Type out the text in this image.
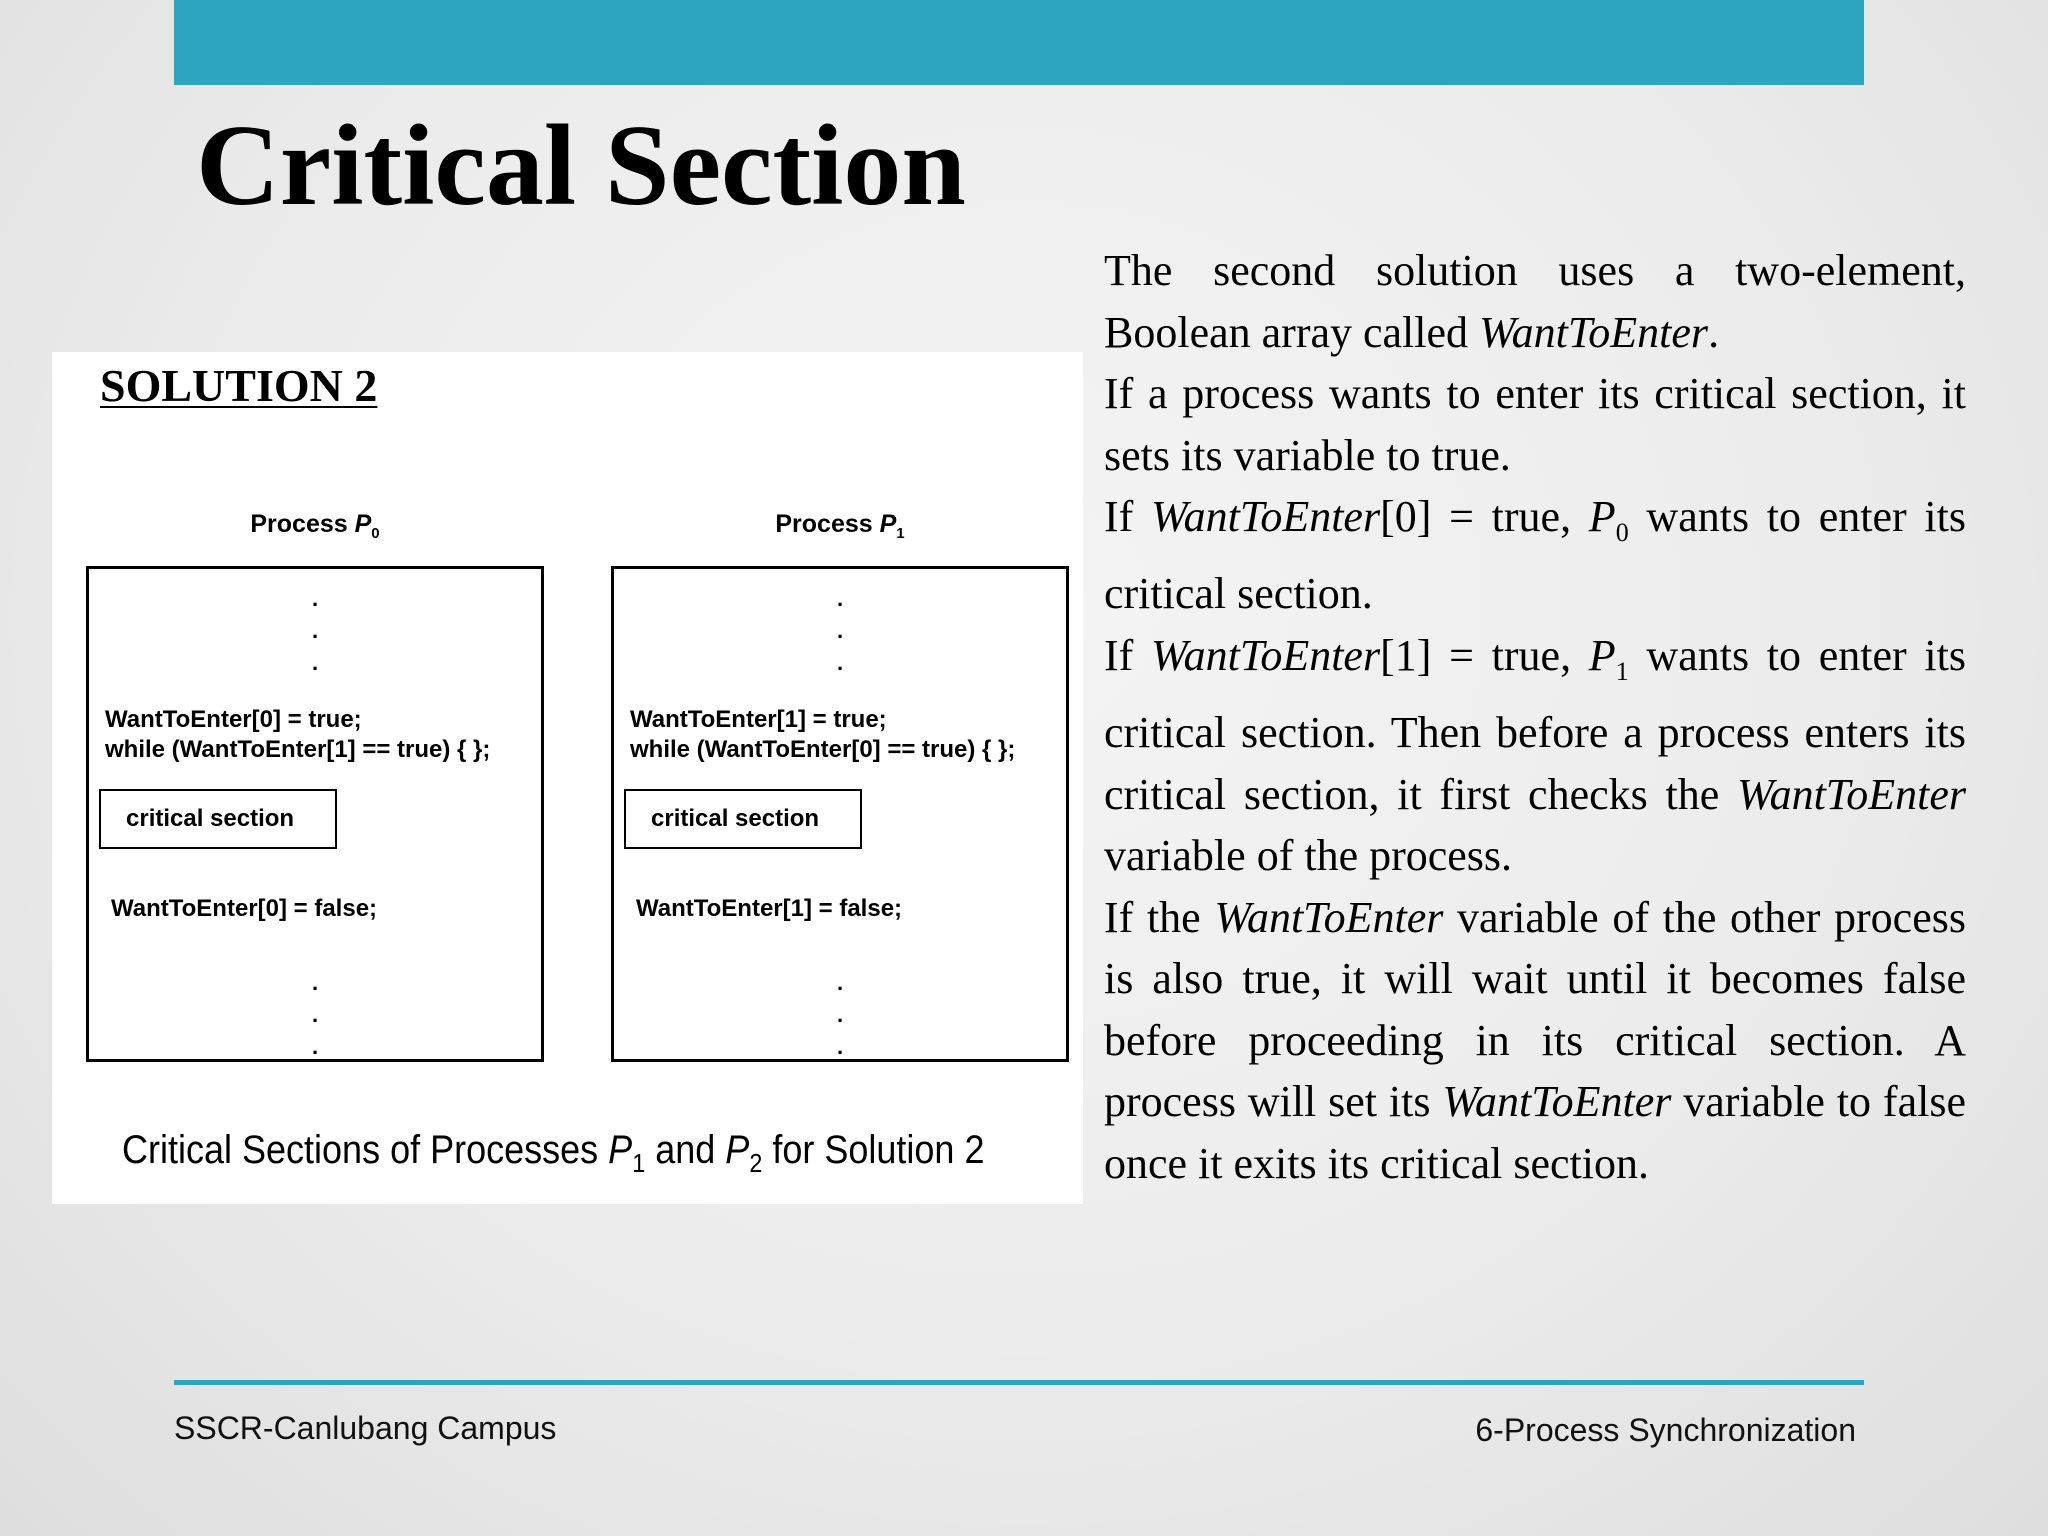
Critical Section
SOLUTION 2
Process $P_0$	Process $P_1$
.
.
.
WantToEnter[0] = true;
while (WantToEnter[1] == true) { };
critical section
WantToEnter[0] = false;
.
.
.
.
.
.
WantToEnter[1] = true;
while (WantToEnter[0] == true) { };
critical section
WantToEnter[1] = false;
.
.
.
Critical Sections of Processes $P_1$ and $P_2$ for Solution 2

The second solution uses a two-element, Boolean array called WantToEnter.

If a process wants to enter its critical section, it sets its variable to true.

If WantToEnter[0] = true, $P_0$ wants to enter its critical section.

If WantToEnter[1] = true, $P_1$ wants to enter its critical section. Then before a process enters its critical section, it first checks the WantToEnter variable of the process.

If the WantToEnter variable of the other process is also true, it will wait until it becomes false before proceeding in its critical section. A process will set its WantToEnter variable to false once it exits its critical section.

SSCR-Canlubang Campus	6-Process Synchronization
